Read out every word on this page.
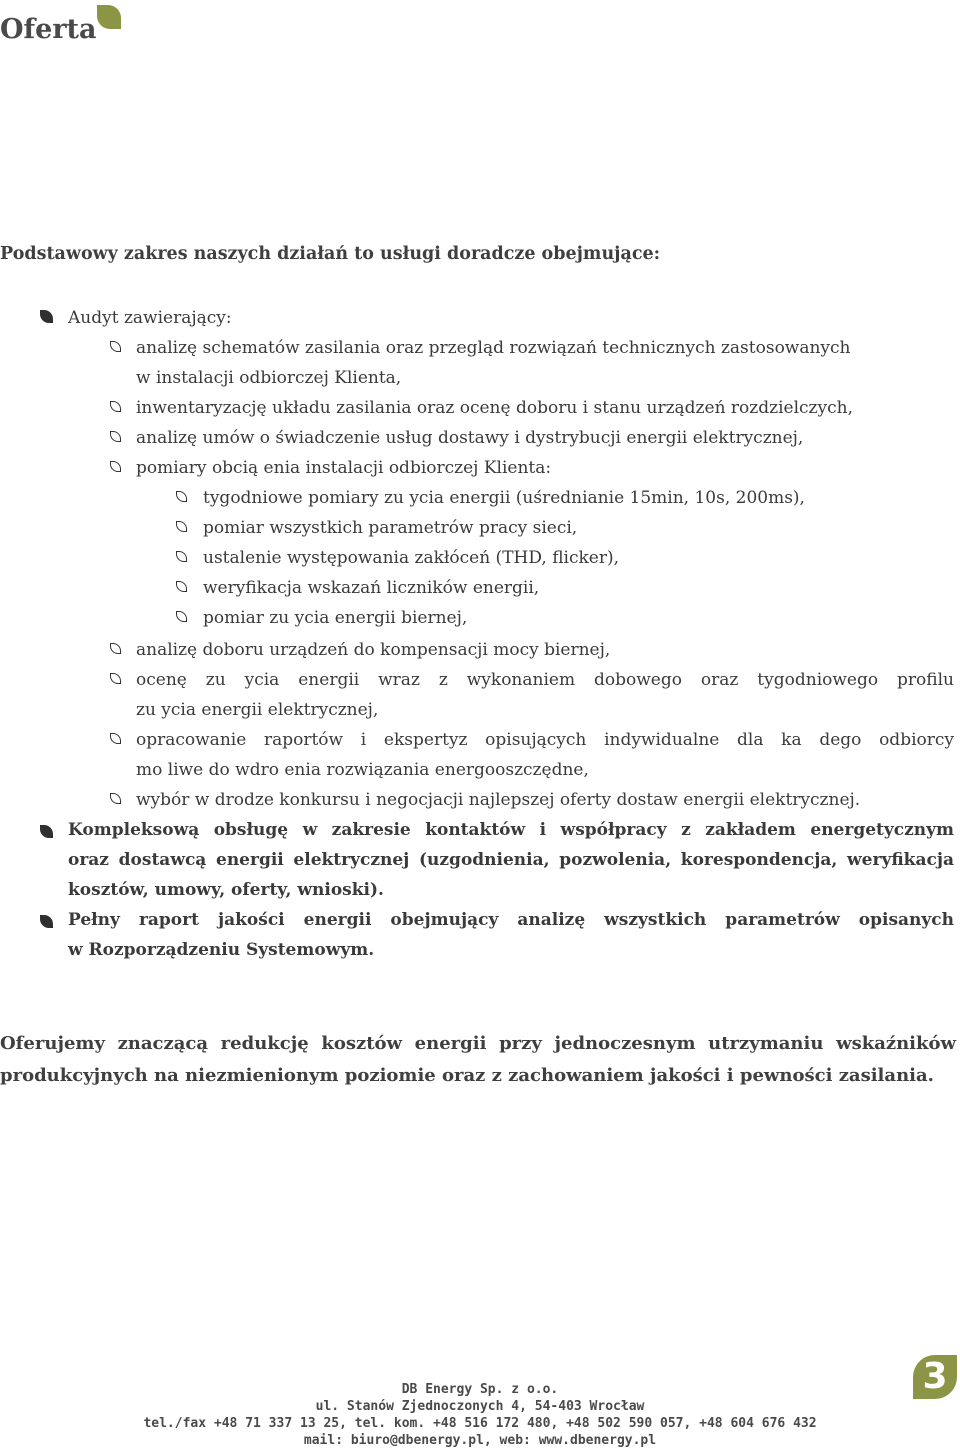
Oferta

Podstawowy zakres naszych działań to usługi doradcze obejmujące:

Audyt zawierający:

analizę schematów zasilania oraz przegląd rozwiązań technicznych zastosowanych

w instalacji odbiorczej Klienta,

inwentaryzację układu zasilania oraz ocenę doboru i stanu urządzeń rozdzielczych,

analizę umów o świadczenie usług dostawy i dystrybucji energii elektrycznej,

pomiary obcią enia instalacji odbiorczej Klienta:

tygodniowe pomiary zu ycia energii (uśrednianie 15min, 10s, 200ms),

pomiar wszystkich parametrów pracy sieci,

ustalenie występowania zakłóceń (THD, flicker),

weryfikacja wskazań liczników energii,

pomiar zu ycia energii biernej,

analizę doboru urządzeń do kompensacji mocy biernej,

ocenę zu ycia energii wraz z wykonaniem dobowego oraz tygodniowego profilu

zu ycia energii elektrycznej,

opracowanie raportów i ekspertyz opisujących indywidualne dla ka dego odbiorcy

mo liwe do wdro enia rozwiązania energooszczędne,

wybór w drodze konkursu i negocjacji najlepszej oferty dostaw energii elektrycznej.

Kompleksową obsługę w zakresie kontaktów i współpracy z zakładem energetycznym

oraz dostawcą energii elektrycznej (uzgodnienia, pozwolenia, korespondencja, weryfikacja

kosztów, umowy, oferty, wnioski).

Pełny raport jakości energii obejmujący analizę wszystkich parametrów opisanych

w Rozporządzeniu Systemowym.

Oferujemy znaczącą redukcję kosztów energii przy jednoczesnym utrzymaniu wskaźników produkcyjnych na niezmienionym poziomie oraz z zachowaniem jakości i pewności zasilania.

DB Energy Sp. z o.o.
ul. Stanów Zjednoczonych 4, 54-403 Wrocław
tel./fax +48 71 337 13 25, tel. kom. +48 516 172 480, +48 502 590 057, +48 604 676 432
mail: biuro@dbenergy.pl, web: www.dbenergy.pl
3
